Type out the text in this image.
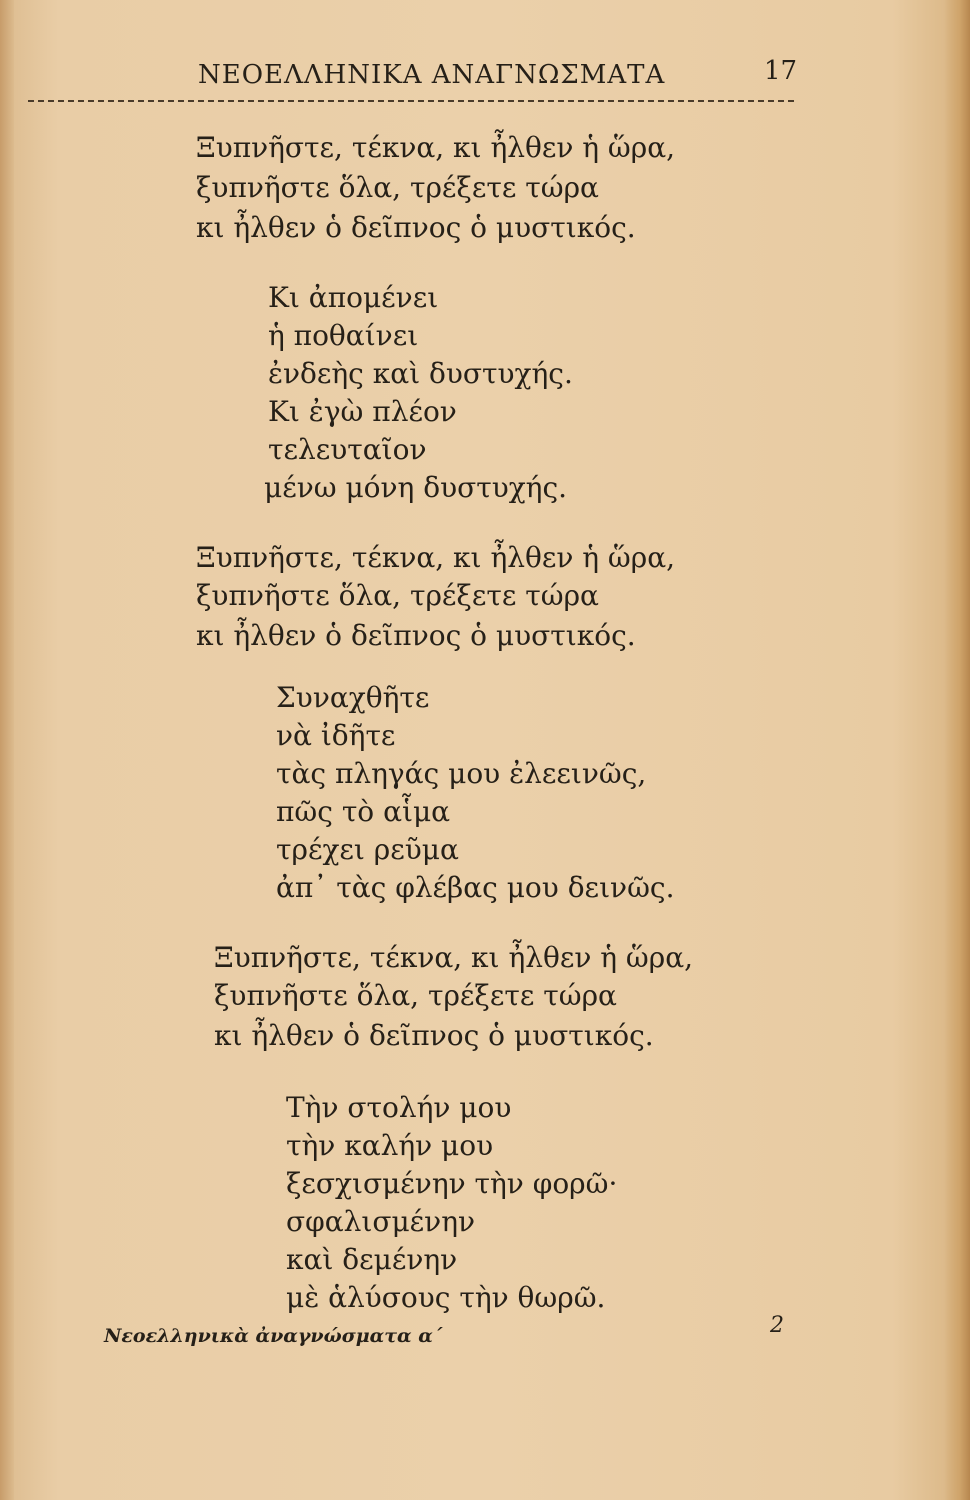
ΝΕΟΕΛΛΗΝΙΚΑ ΑΝΑΓΝΩΣΜΑΤΑ	17
Ξυπνῆστε, τέκνα, κι ἦλθεν ἡ ὥρα,
ξυπνῆστε ὅλα, τρέξετε τώρα
κι ἦλθεν ὁ δεῖπνος ὁ μυστικός.
Κι ἀπομένει
ἡ ποθαίνει
ἐνδεὴς καὶ δυστυχής.
Κι ἐγὼ πλέον
τελευταῖον
μένω μόνη δυστυχής.
Ξυπνῆστε, τέκνα, κι ἦλθεν ἡ ὥρα,
ξυπνῆστε ὅλα, τρέξετε τώρα
κι ἦλθεν ὁ δεῖπνος ὁ μυστικός.
Συναχθῆτε
νὰ ἰδῆτε
τὰς πληγάς μου ἐλεεινῶς,
πῶς τὸ αἷμα
τρέχει ρεῦμα
ἀπ᾽ τὰς φλέβας μου δεινῶς.
Ξυπνῆστε, τέκνα, κι ἦλθεν ἡ ὥρα,
ξυπνῆστε ὅλα, τρέξετε τώρα
κι ἦλθεν ὁ δεῖπνος ὁ μυστικός.
Τὴν στολήν μου
τὴν καλήν μου
ξεσχισμένην τὴν φορῶ·
σφαλισμένην
καὶ δεμένην
μὲ ἁλύσους τὴν θωρῶ.
Νεοελληνικὰ ἀναγνώσματα α΄	2
